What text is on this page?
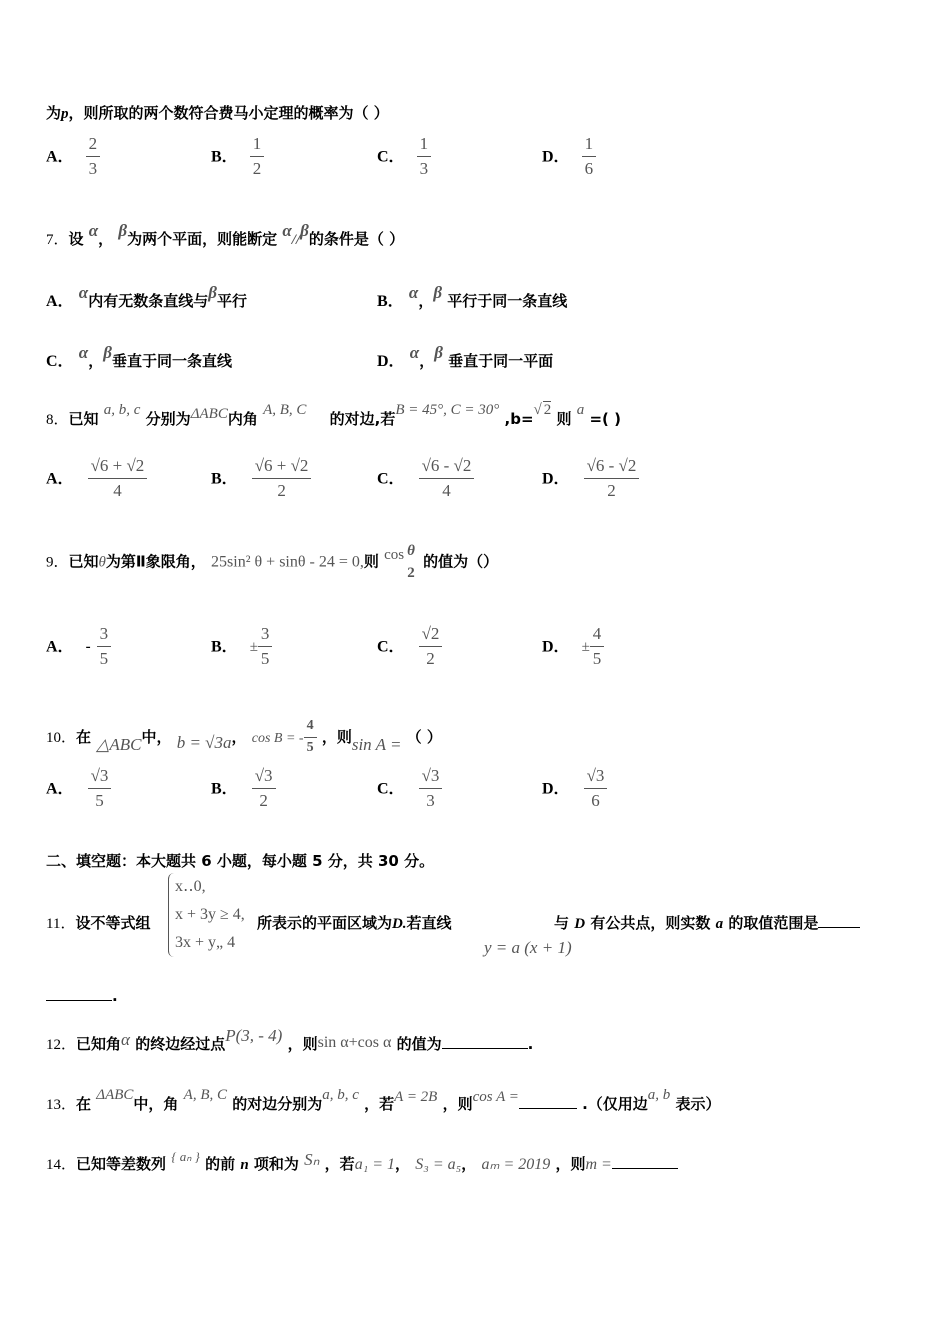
为p，则所取的两个数符合费马小定理的概率为（ ）
A． $\frac{2}{3}$	B． $\frac{1}{2}$	C． $\frac{1}{3}$	D． $\frac{1}{6}$
7．设 α， β为两个平面，则能断定 α//β的条件是（ ）
A． α内有无数条直线与β平行	B． α，β 平行于同一条直线
C． α，β垂直于同一条直线	D． α，β 垂直于同一平面
8．已知 a, b, c 分别为ΔABC内角 A, B, C 的对边,若B = 45°, C = 30° ,b=√ 2 则 a =( )
A． $\frac{√6 + √2}{4}$	B． $\frac{√6 + √2}{2}$	C． $\frac{√6 - √2}{4}$	D． $\frac{√6 - √2}{2}$
9．已知θ为第Ⅱ象限角， 25sin² θ + sinθ - 24 = 0,则 cos θ
2
的值为（）
A． - $\frac{3}{5}$	B． ± $\frac{3}{5}$	C． $\frac{√2}{2}$	D． ± $\frac{4}{5}$
10．在 △ABC中， b = √3a， cos B = - $\frac{4}{5}$ ，则sin A = （ ）
A． $\frac{√3}{5}$	B． $\frac{√3}{2}$	C． $\frac{√3}{3}$	D． $\frac{√3}{6}$
二、填空题：本大题共 6 小题，每小题 5 分，共 30 分。
x‥0,
x + 3y ≥ 4,
3x + y„ 4
11．设不等式组	所表示的平面区域为D.若直线	与 D 有公共点，则实数 a 的取值范围是
y = a (x + 1)
.
12．已知角α 的终边经过点P(3, - 4) ，则sin α+cos α 的值为	.
13．在 ΔABC中，角 A, B, C 的对边分别为a, b, c ，若A = 2B ，则cos A =	.（仅用边a, b 表示）
14．已知等差数列 { aₙ } 的前 n 项和为 Sₙ ，若a₁ = 1， S₃ = a₅， aₘ = 2019 ，则m =
